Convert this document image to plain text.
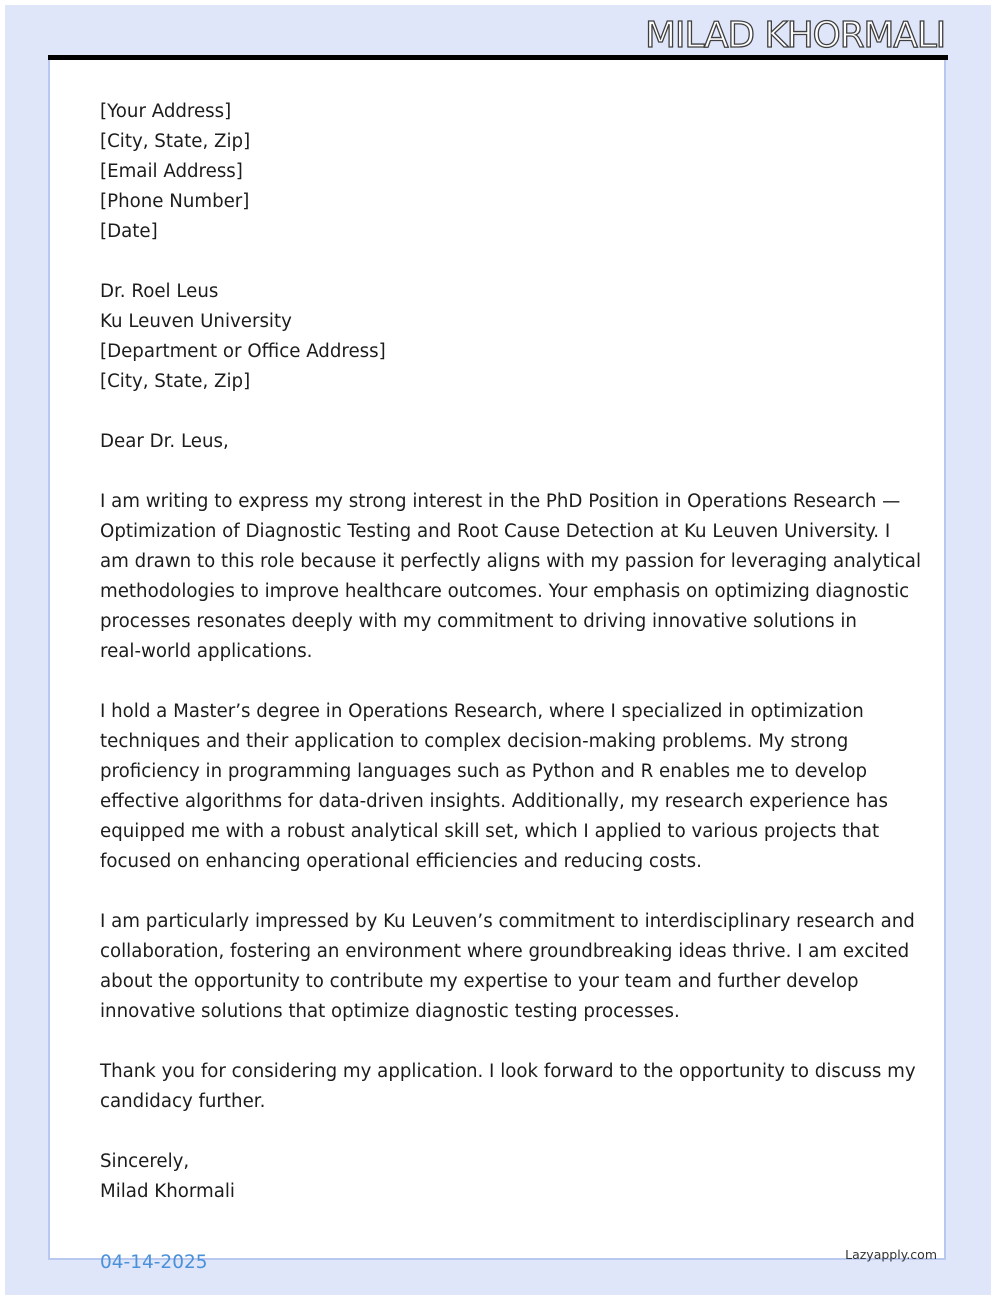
MILAD KHORMALI
[Your Address]
[City, State, Zip]
[Email Address]
[Phone Number]
[Date]
Dr. Roel Leus
Ku Leuven University
[Department or Office Address]
[City, State, Zip]
Dear Dr. Leus,

I am writing to express my strong interest in the PhD Position in Operations Research —
Optimization of Diagnostic Testing and Root Cause Detection at Ku Leuven University. I
am drawn to this role because it perfectly aligns with my passion for leveraging analytical
methodologies to improve healthcare outcomes. Your emphasis on optimizing diagnostic
processes resonates deeply with my commitment to driving innovative solutions in
real-world applications.

I hold a Master’s degree in Operations Research, where I specialized in optimization
techniques and their application to complex decision-making problems. My strong
proficiency in programming languages such as Python and R enables me to develop
effective algorithms for data-driven insights. Additionally, my research experience has
equipped me with a robust analytical skill set, which I applied to various projects that
focused on enhancing operational efficiencies and reducing costs.

I am particularly impressed by Ku Leuven’s commitment to interdisciplinary research and
collaboration, fostering an environment where groundbreaking ideas thrive. I am excited
about the opportunity to contribute my expertise to your team and further develop
innovative solutions that optimize diagnostic testing processes.

Thank you for considering my application. I look forward to the opportunity to discuss my
candidacy further.

Sincerely,
Milad Khormali
04-14-2025	Lazyapply.com
